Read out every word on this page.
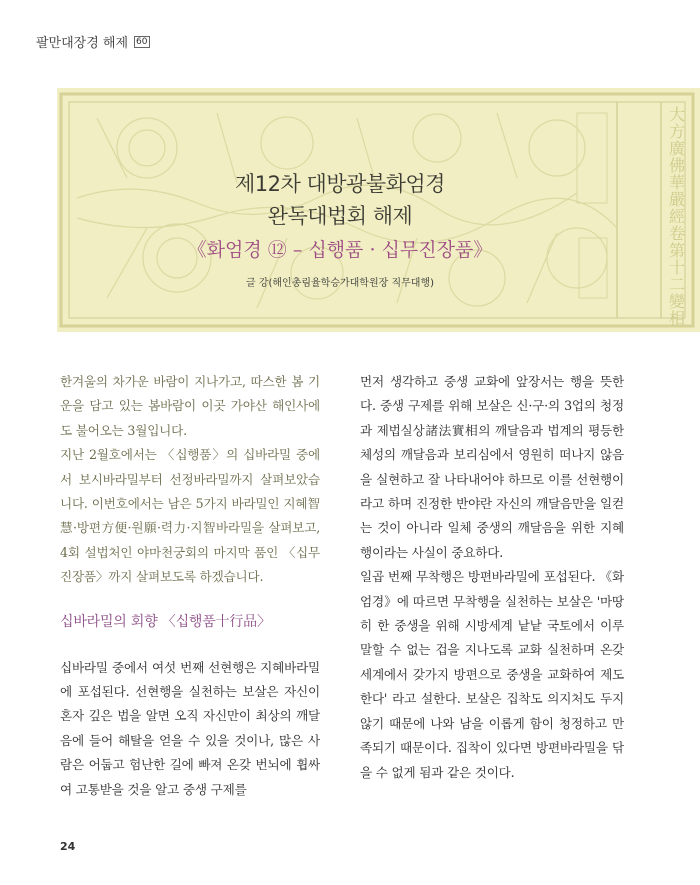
팔만대장경 해제 60
大方廣佛華嚴經卷第十二變相
제12차 대방광불화엄경
완독대법회 해제
《화엄경 ⑫ – 십행품 · 십무진장품》
글 강(해인총림율학승가대학원장 직무대행)

한겨울의 차가운 바람이 지나가고, 따스한 봄 기운을 담고 있는 봄바람이 이곳 가야산 해인사에도 불어오는 3월입니다.

지난 2월호에서는 〈십행품〉의 십바라밀 중에서 보시바라밀부터 선정바라밀까지 살펴보았습니다. 이번호에서는 남은 5가지 바라밀인 지혜智慧·방편方便·원願·력力·지智바라밀을 살펴보고, 4회 설법처인 야마천궁회의 마지막 품인 〈십무진장품〉까지 살펴보도록 하겠습니다.

십바라밀의 회향 〈십행품十行品〉

십바라밀 중에서 여섯 번째 선현행은 지혜바라밀에 포섭된다. 선현행을 실천하는 보살은 자신이 혼자 깊은 법을 알면 오직 자신만이 최상의 깨달음에 들어 해탈을 얻을 수 있을 것이나, 많은 사람은 어둡고 험난한 길에 빠져 온갖 번뇌에 휩싸여 고통받을 것을 알고 중생 구제를

먼저 생각하고 중생 교화에 앞장서는 행을 뜻한다. 중생 구제를 위해 보살은 신·구·의 3업의 청정과 제법실상諸法實相의 깨달음과 법계의 평등한 체성의 깨달음과 보리심에서 영원히 떠나지 않음을 실현하고 잘 나타내어야 하므로 이를 선현행이라고 하며 진정한 반야란 자신의 깨달음만을 일컫는 것이 아니라 일체 중생의 깨달음을 위한 지혜행이라는 사실이 중요하다.

일곱 번째 무착행은 방편바라밀에 포섭된다. 《화엄경》에 따르면 무착행을 실천하는 보살은 '마땅히 한 중생을 위해 시방세계 낱낱 국토에서 이루 말할 수 없는 겁을 지나도록 교화 실천하며 온갖 세계에서 갖가지 방편으로 중생을 교화하여 제도한다' 라고 설한다. 보살은 집착도 의지처도 두지 않기 때문에 나와 남을 이롭게 함이 청정하고 만족되기 때문이다. 집착이 있다면 방편바라밀을 닦을 수 없게 됨과 같은 것이다.

24
